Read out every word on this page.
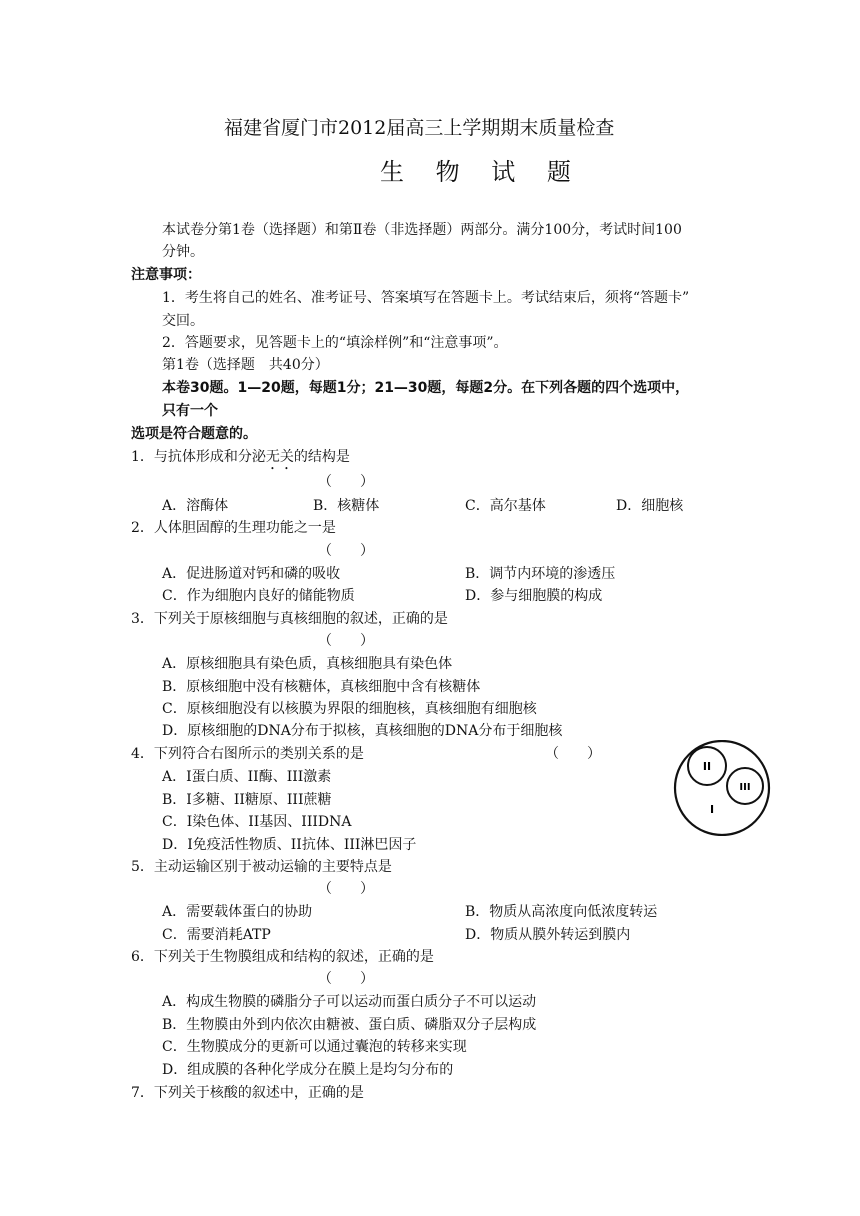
福建省厦门市2012届高三上学期期末质量检查
生 物 试 题
本试卷分第1卷（选择题）和第Ⅱ卷（非选择题）两部分。满分100分，考试时间100
分钟。
注意事项：
1．考生将自己的姓名、准考证号、答案填写在答题卡上。考试结束后，须将“答题卡”
交回。
2．答题要求，见答题卡上的“填涂样例”和“注意事项”。
第1卷（选择题　共40分）
本卷30题。1—20题，每题1分；21—30题，每题2分。在下列各题的四个选项中，
只有一个
选项是符合题意的。
1．与抗体形成和分泌无关的结构是
（　　）
A．溶酶体	B．核糖体	C．高尔基体	D．细胞核
2．人体胆固醇的生理功能之一是
（　　）
A．促进肠道对钙和磷的吸收	B．调节内环境的渗透压
C．作为细胞内良好的储能物质	D．参与细胞膜的构成
3．下列关于原核细胞与真核细胞的叙述，正确的是
（　　）
A．原核细胞具有染色质，真核细胞具有染色体
B．原核细胞中没有核糖体，真核细胞中含有核糖体
C．原核细胞没有以核膜为界限的细胞核，真核细胞有细胞核
D．原核细胞的DNA分布于拟核，真核细胞的DNA分布于细胞核
4．下列符合右图所示的类别关系的是	（　　）
A．I蛋白质、II酶、III激素
B．I多糖、II糖原、III蔗糖
C．I染色体、II基因、IIIDNA
D．I免疫活性物质、II抗体、III淋巴因子
II
III
I
5．主动运输区别于被动运输的主要特点是
（　　）
A．需要载体蛋白的协助	B．物质从高浓度向低浓度转运
C．需要消耗ATP	D．物质从膜外转运到膜内
6．下列关于生物膜组成和结构的叙述，正确的是
（　　）
A．构成生物膜的磷脂分子可以运动而蛋白质分子不可以运动
B．生物膜由外到内依次由糖被、蛋白质、磷脂双分子层构成
C．生物膜成分的更新可以通过囊泡的转移来实现
D．组成膜的各种化学成分在膜上是均匀分布的
7．下列关于核酸的叙述中，正确的是
